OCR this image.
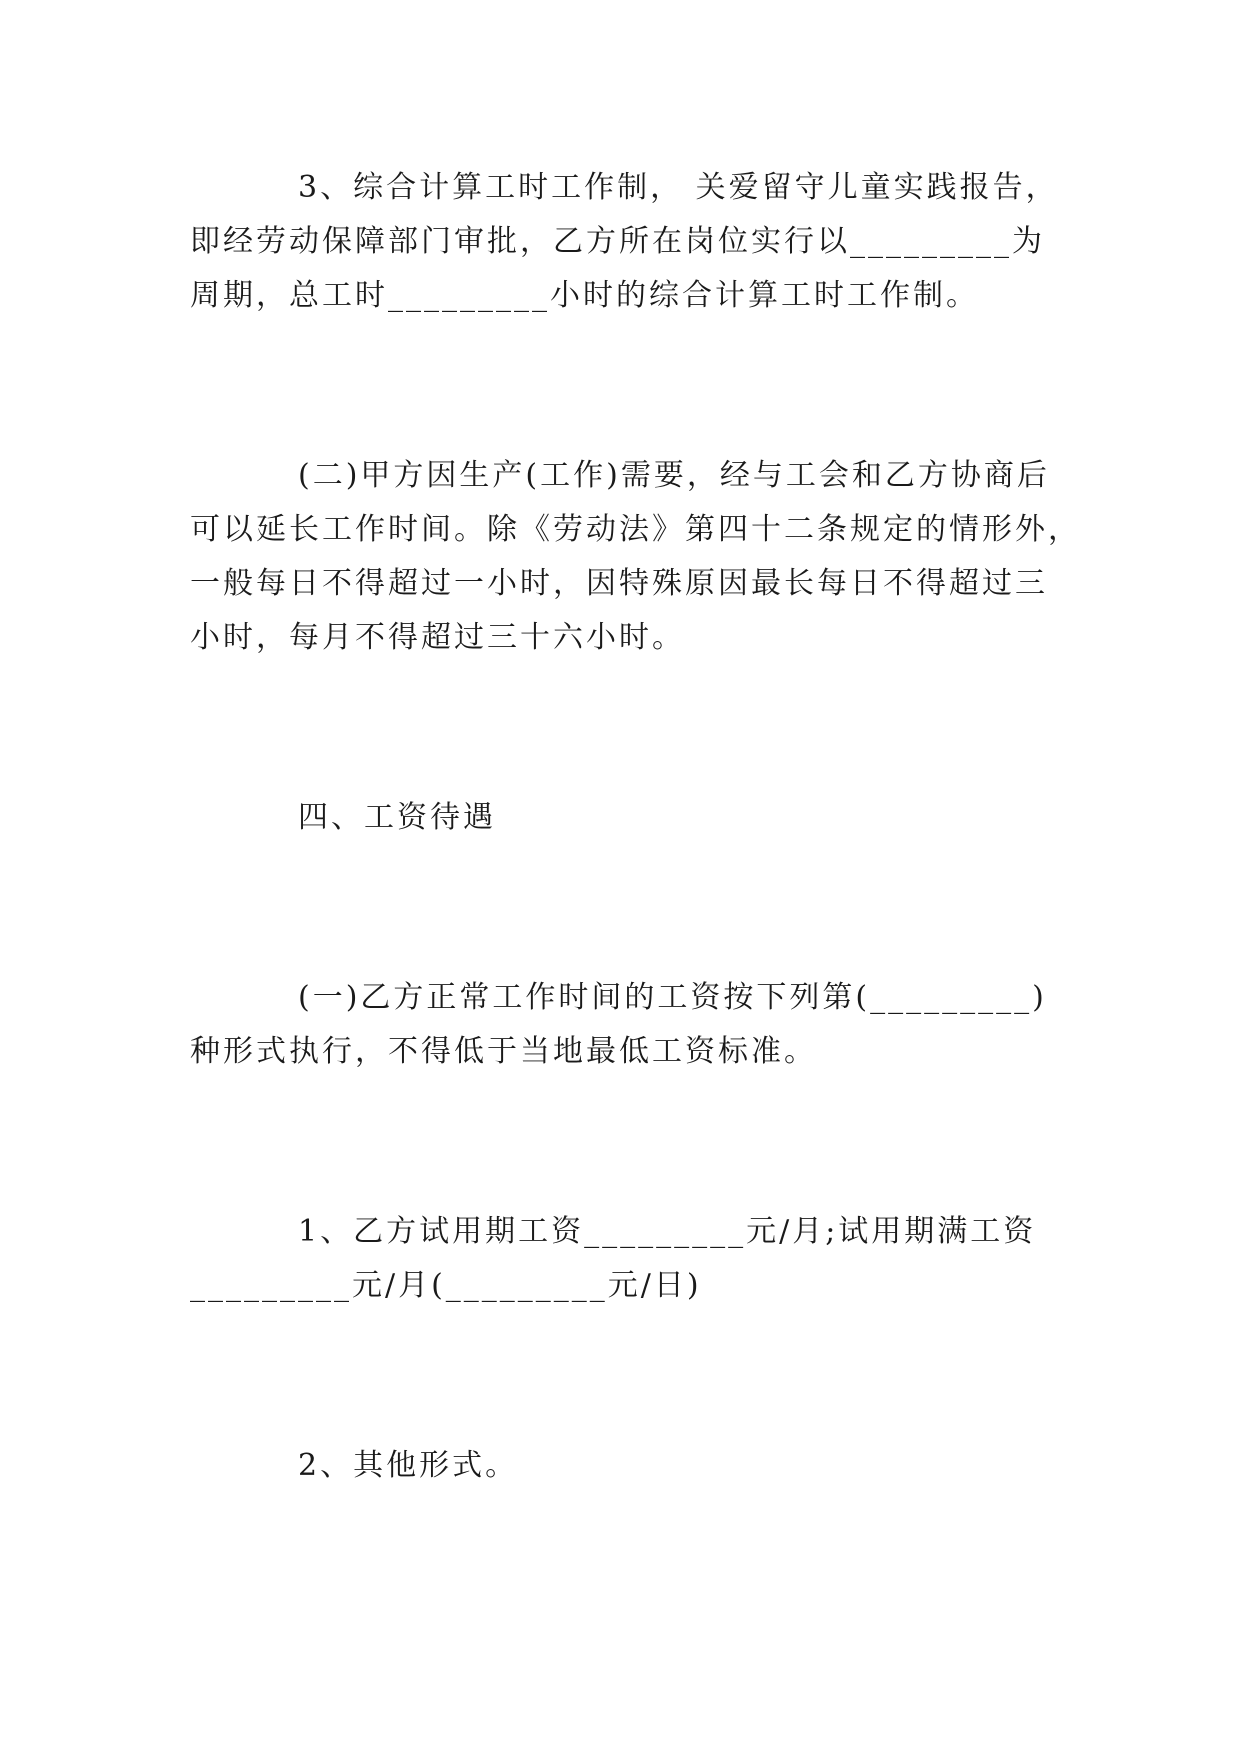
3、综合计算工时工作制， 关爱留守儿童实践报告，
即经劳动保障部门审批，乙方所在岗位实行以_________为
周期，总工时_________小时的综合计算工时工作制。
(二)甲方因生产(工作)需要，经与工会和乙方协商后
可以延长工作时间。除《劳动法》第四十二条规定的情形外，
一般每日不得超过一小时，因特殊原因最长每日不得超过三
小时，每月不得超过三十六小时。
四、工资待遇
(一)乙方正常工作时间的工资按下列第(_________)
种形式执行，不得低于当地最低工资标准。
1、乙方试用期工资_________元/月;试用期满工资
_________元/月(_________元/日)
2、其他形式。
